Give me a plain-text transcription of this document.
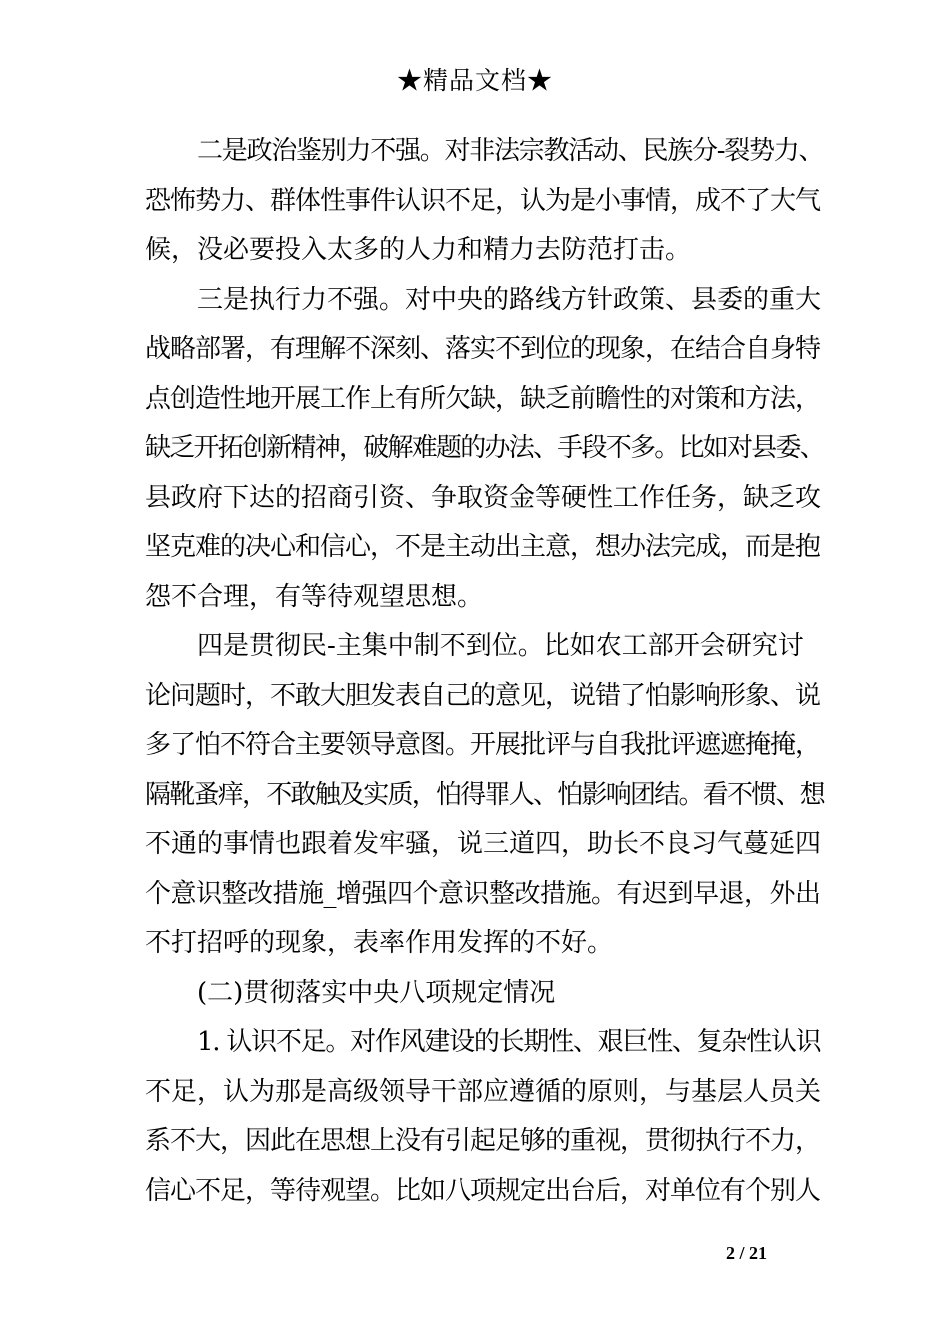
★精品文档★

二是政治鉴别力不强。对非法宗教活动、民族分-裂势力、
恐怖势力、群体性事件认识不足，认为是小事情，成不了大气
候，没必要投入太多的人力和精力去防范打击。

三是执行力不强。对中央的路线方针政策、县委的重大
战略部署，有理解不深刻、落实不到位的现象，在结合自身特
点创造性地开展工作上有所欠缺，缺乏前瞻性的对策和方法，
缺乏开拓创新精神，破解难题的办法、手段不多。比如对县委、
县政府下达的招商引资、争取资金等硬性工作任务，缺乏攻
坚克难的决心和信心，不是主动出主意，想办法完成，而是抱
怨不合理，有等待观望思想。

四是贯彻民-主集中制不到位。比如农工部开会研究讨
论问题时，不敢大胆发表自己的意见，说错了怕影响形象、说
多了怕不符合主要领导意图。开展批评与自我批评遮遮掩掩，
隔靴蚤痒，不敢触及实质，怕得罪人、怕影响团结。看不惯、想
不通的事情也跟着发牢骚，说三道四，助长不良习气蔓延四
个意识整改措施_增强四个意识整改措施。有迟到早退，外出
不打招呼的现象，表率作用发挥的不好。

(二)贯彻落实中央八项规定情况

1. 认识不足。对作风建设的长期性、艰巨性、复杂性认识
不足，认为那是高级领导干部应遵循的原则，与基层人员关
系不大，因此在思想上没有引起足够的重视，贯彻执行不力，
信心不足，等待观望。比如八项规定出台后，对单位有个别人

2 / 21
